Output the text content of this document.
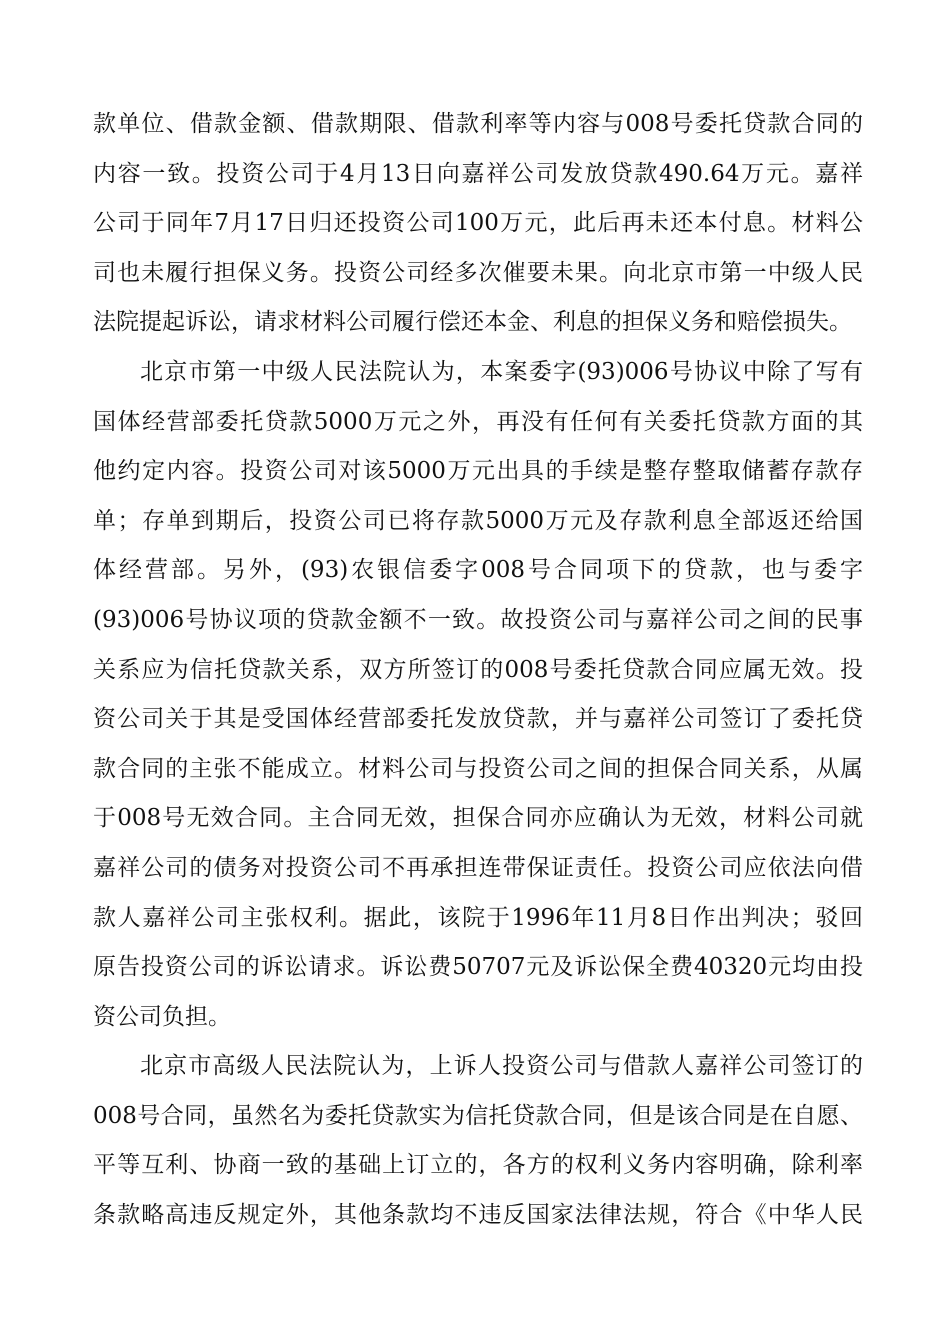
款单位、借款金额、借款期限、借款利率等内容与008号委托贷款合同的
内容一致。投资公司于4月13日向嘉祥公司发放贷款490.64万元。嘉祥
公司于同年7月17日归还投资公司100万元，此后再未还本付息。材料公
司也未履行担保义务。投资公司经多次催要未果。向北京市第一中级人民
法院提起诉讼，请求材料公司履行偿还本金、利息的担保义务和赔偿损失。
北京市第一中级人民法院认为，本案委字(93)006号协议中除了写有
国体经营部委托贷款5000万元之外，再没有任何有关委托贷款方面的其
他约定内容。投资公司对该5000万元出具的手续是整存整取储蓄存款存
单；存单到期后，投资公司已将存款5000万元及存款利息全部返还给国
体经营部。另外，(93)农银信委字008号合同项下的贷款，也与委字
(93)006号协议项的贷款金额不一致。故投资公司与嘉祥公司之间的民事
关系应为信托贷款关系，双方所签订的008号委托贷款合同应属无效。投
资公司关于其是受国体经营部委托发放贷款，并与嘉祥公司签订了委托贷
款合同的主张不能成立。材料公司与投资公司之间的担保合同关系，从属
于008号无效合同。主合同无效，担保合同亦应确认为无效，材料公司就
嘉祥公司的债务对投资公司不再承担连带保证责任。投资公司应依法向借
款人嘉祥公司主张权利。据此，该院于1996年11月8日作出判决；驳回
原告投资公司的诉讼请求。诉讼费50707元及诉讼保全费40320元均由投
资公司负担。
北京市高级人民法院认为，上诉人投资公司与借款人嘉祥公司签订的
008号合同，虽然名为委托贷款实为信托贷款合同，但是该合同是在自愿、
平等互利、协商一致的基础上订立的，各方的权利义务内容明确，除利率
条款略高违反规定外，其他条款均不违反国家法律法规，符合《中华人民
